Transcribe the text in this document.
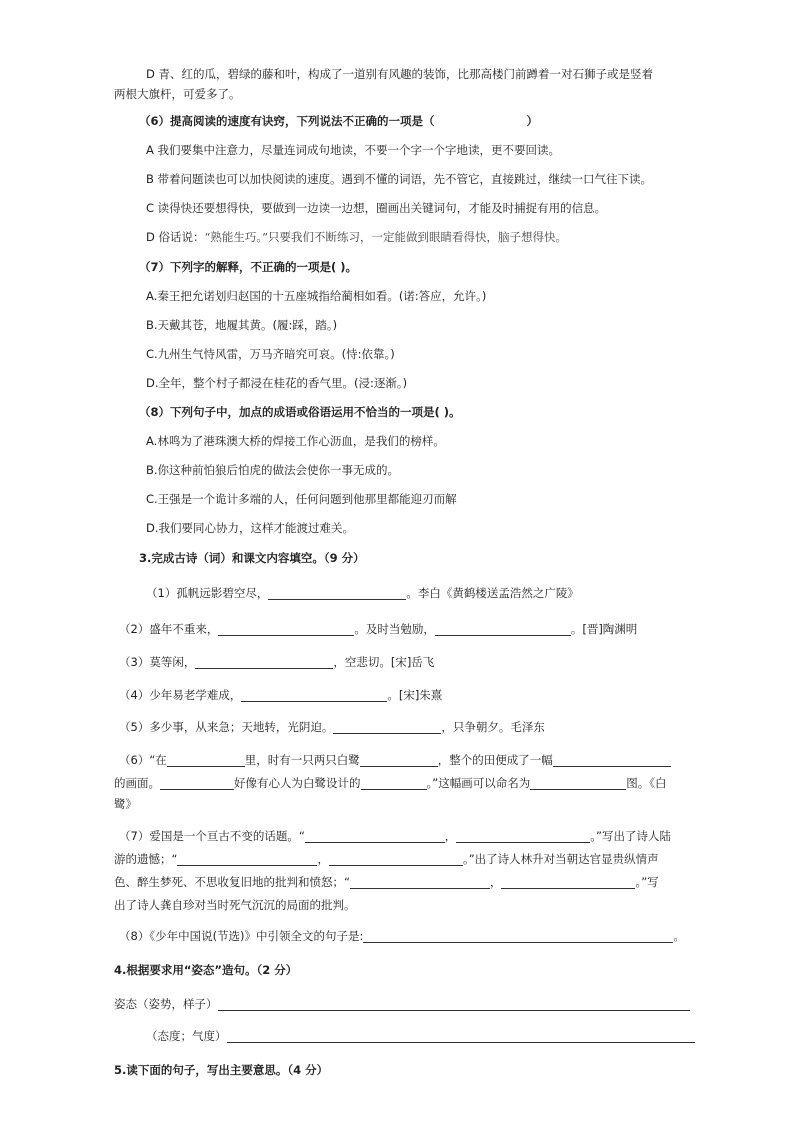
D 青、红的瓜，碧绿的藤和叶，构成了一道别有风趣的装饰，比那高楼门前蹲着一对石狮子或是竖着
两根大旗杆，可爱多了。
（6）提高阅读的速度有诀窍，下列说法不正确的一项是（	）
A 我们要集中注意力，尽量连词成句地读，不要一个字一个字地读，更不要回读。
B 带着问题读也可以加快阅读的速度。遇到不懂的词语，先不管它，直接跳过，继续一口气往下读。
C 读得快还要想得快，要做到一边读一边想，圈画出关键词句，才能及时捕捉有用的信息。
D 俗话说：“熟能生巧。”只要我们不断练习，一定能做到眼睛看得快，脑子想得快。
（7）下列字的解释，不正确的一项是( )。
A.秦王把允诺划归赵国的十五座城指给蔺相如看。(诺:答应，允许。)
B.天戴其苍，地履其黄。(履:踩，踏。)
C.九州生气恃风雷，万马齐暗究可哀。(恃:依靠。)
D.全年，整个村子都浸在桂花的香气里。(浸:逐渐。)
（8）下列句子中，加点的成语或俗语运用不恰当的一项是( )。
A.林鸣为了港珠澳大桥的焊接工作心沥血，是我们的榜样。
B.你这种前怕狼后怕虎的做法会使你一事无成的。
C.王强是一个诡计多端的人，任何问题到他那里都能迎刃而解
D.我们要同心协力，这样才能渡过难关。
3.完成古诗（词）和课文内容填空。（9 分）
（1）孤帆远影碧空尽，	。李白《黄鹤楼送孟浩然之广陵》
（2）盛年不重来，	。及时当勉励，	。[晋]陶渊明
（3）莫等闲，	，空悲切。[宋]岳飞
（4）少年易老学难成，	。[宋]朱熹
（5）多少事，从来急；天地转，光阴迫。	，只争朝夕。毛泽东
（6）“在	里，时有一只两只白鹭	，整个的田便成了一幅
的画面。	好像有心人为白鹭设计的	。”这幅画可以命名为	图。《白
鹭》
（7）爱国是一个亘古不变的话题。“	，	。”写出了诗人陆
游的遗憾；“	，	。”出了诗人林升对当朝达官显贵纵情声
色、醉生梦死、不思收复旧地的批判和愤怒；“	，	。”写
出了诗人龚自珍对当时死气沉沉的局面的批判。
（8）《少年中国说(节选)》中引领全文的句子是:	。
4.根据要求用“姿态”造句。（2 分）
姿态（姿势，样子）
（态度；气度）
5.读下面的句子，写出主要意思。（4 分）
